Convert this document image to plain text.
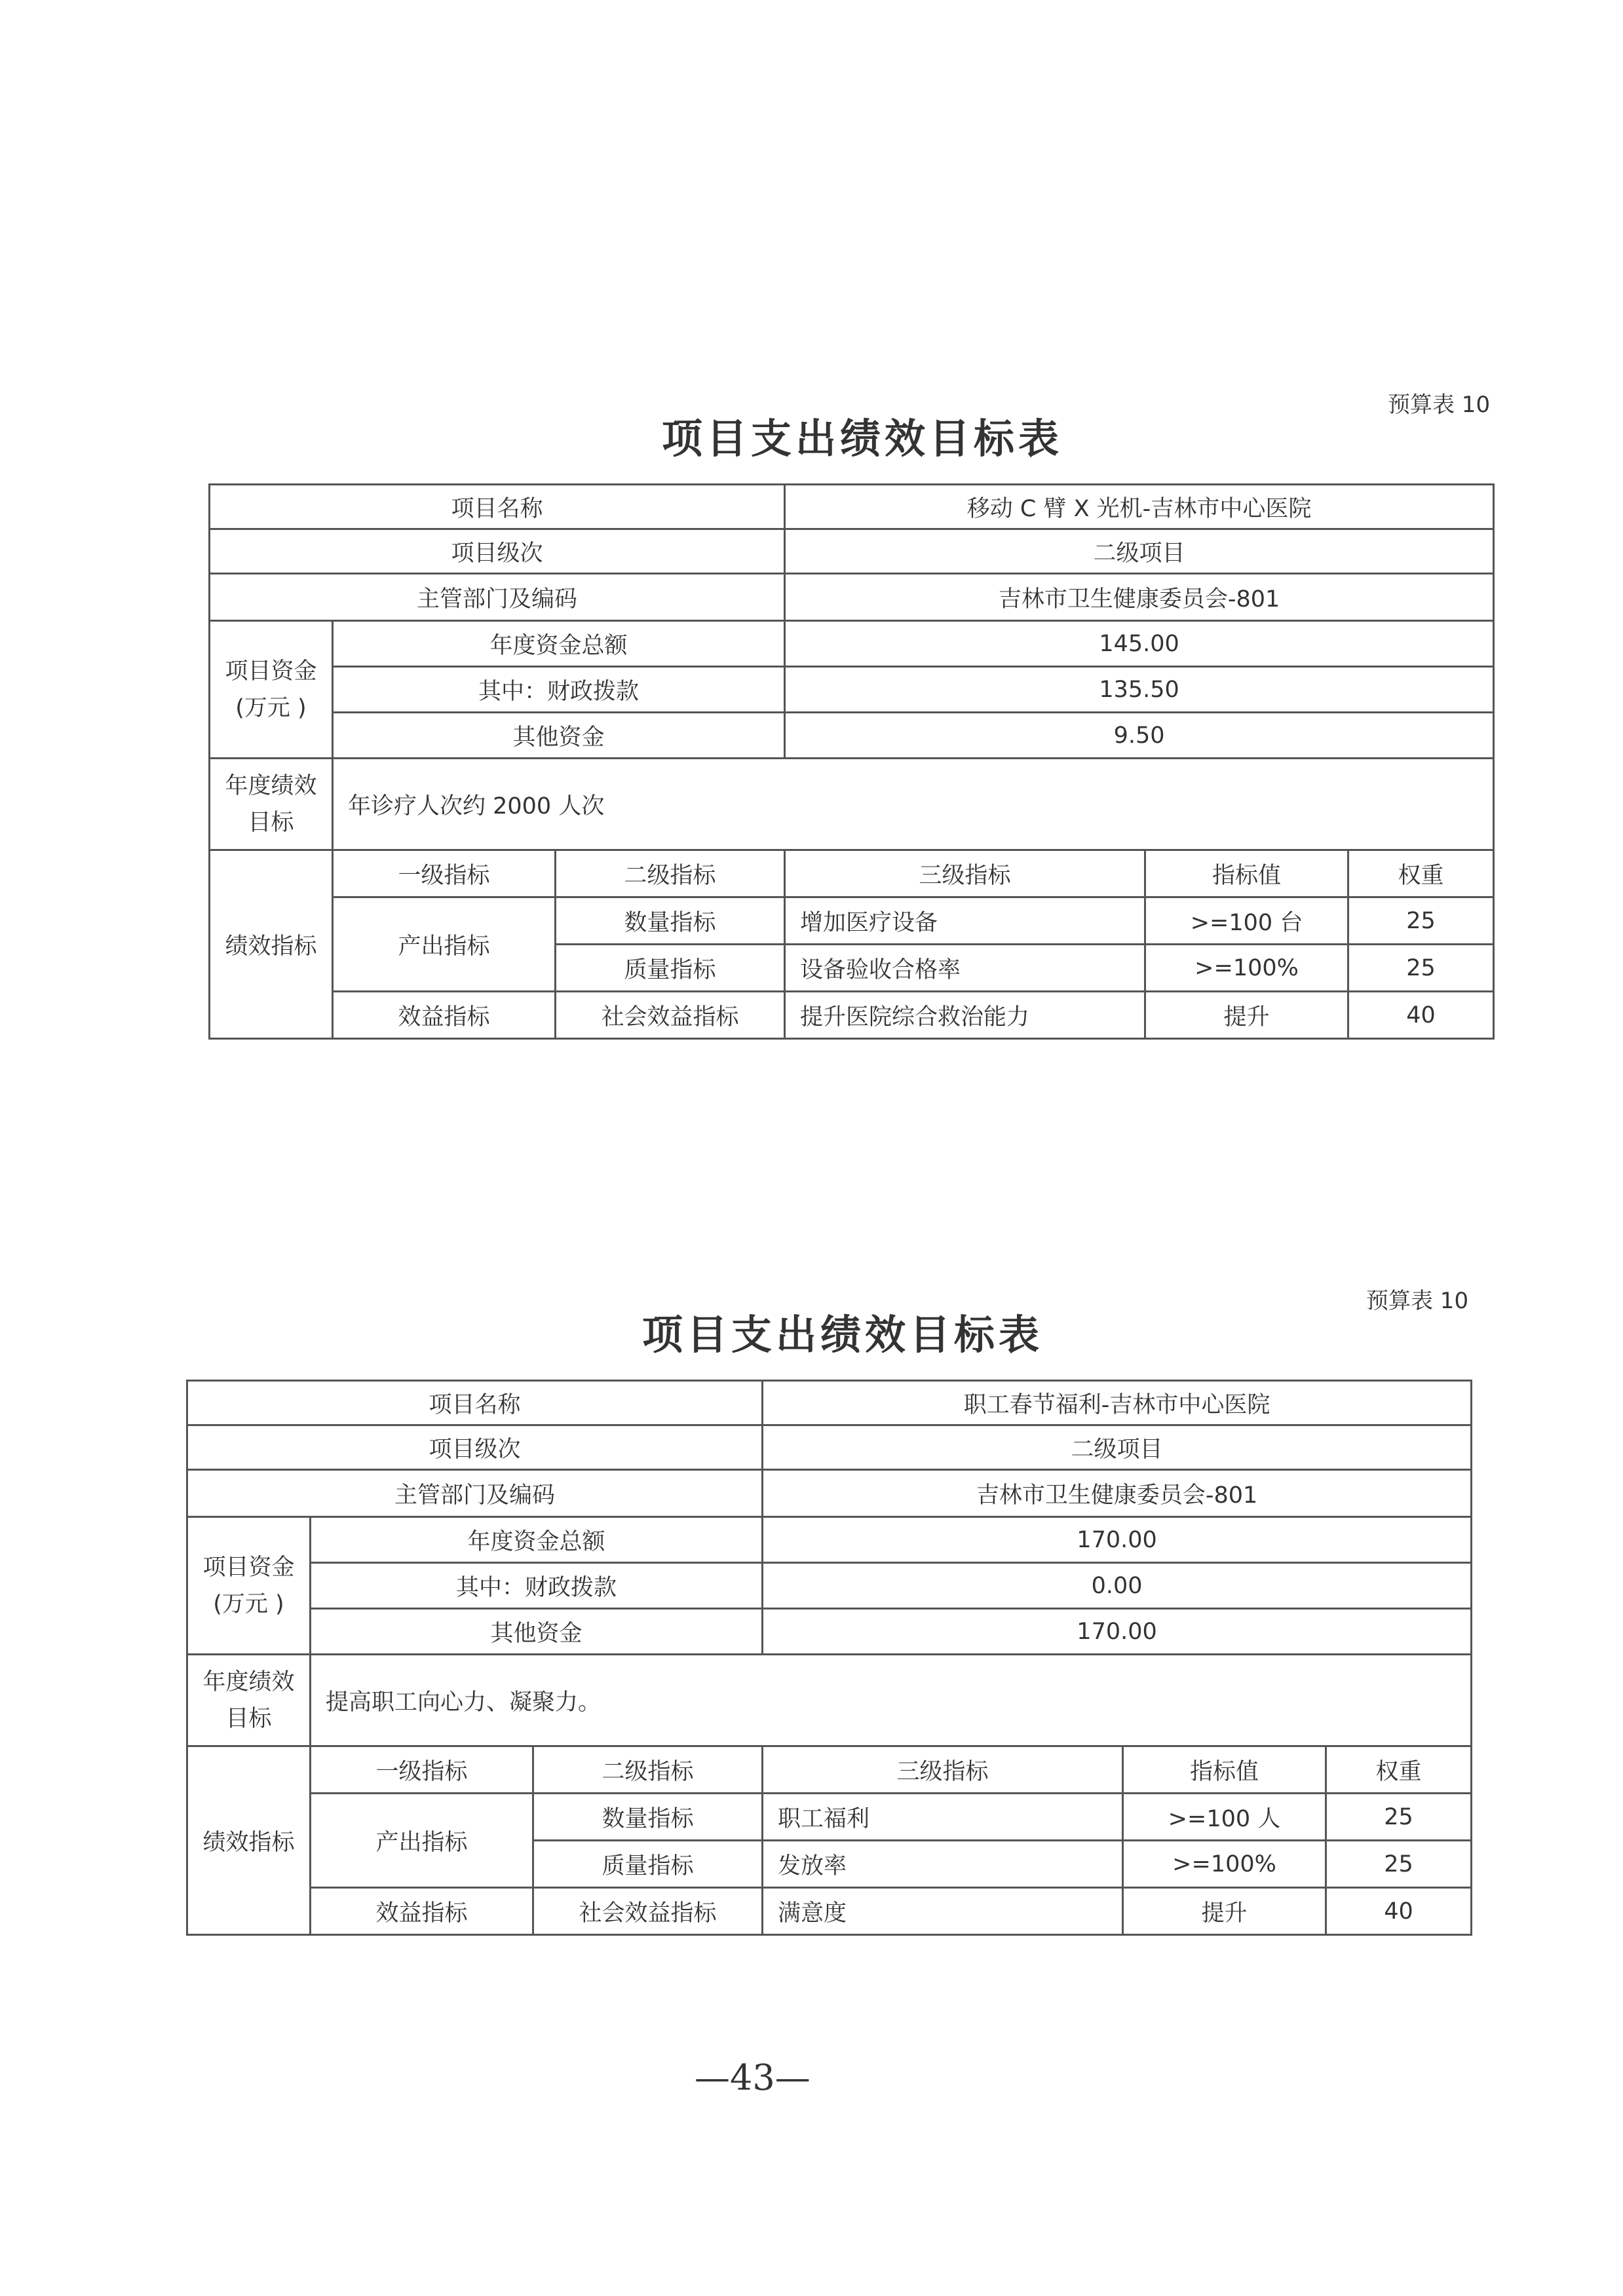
预算表 10
项目支出绩效目标表
项目名称			移动 C 臂 X 光机-吉林市中心医院		
项目级次			二级项目		
主管部门及编码			吉林市卫生健康委员会-801		

项目资金
(万元 )	年度资金总额		145.00		
	其中：财政拨款		135.50		
	其他资金		9.50		

年度绩效
目标	年诊疗人次约 2000 人次				
绩效指标	一级指标	二级指标	三级指标	指标值	权重
	产出指标	数量指标	增加医疗设备	>=100 台	25
		质量指标	设备验收合格率	>=100%	25
	效益指标	社会效益指标	提升医院综合救治能力	提升	40
预算表 10
项目支出绩效目标表
项目名称			职工春节福利-吉林市中心医院		
项目级次			二级项目		
主管部门及编码			吉林市卫生健康委员会-801		

项目资金
(万元 )	年度资金总额		170.00		
	其中：财政拨款		0.00		
	其他资金		170.00		

年度绩效
目标	提高职工向心力、凝聚力。				
绩效指标	一级指标	二级指标	三级指标	指标值	权重
	产出指标	数量指标	职工福利	>=100 人	25
		质量指标	发放率	>=100%	25
	效益指标	社会效益指标	满意度	提升	40
—43—
